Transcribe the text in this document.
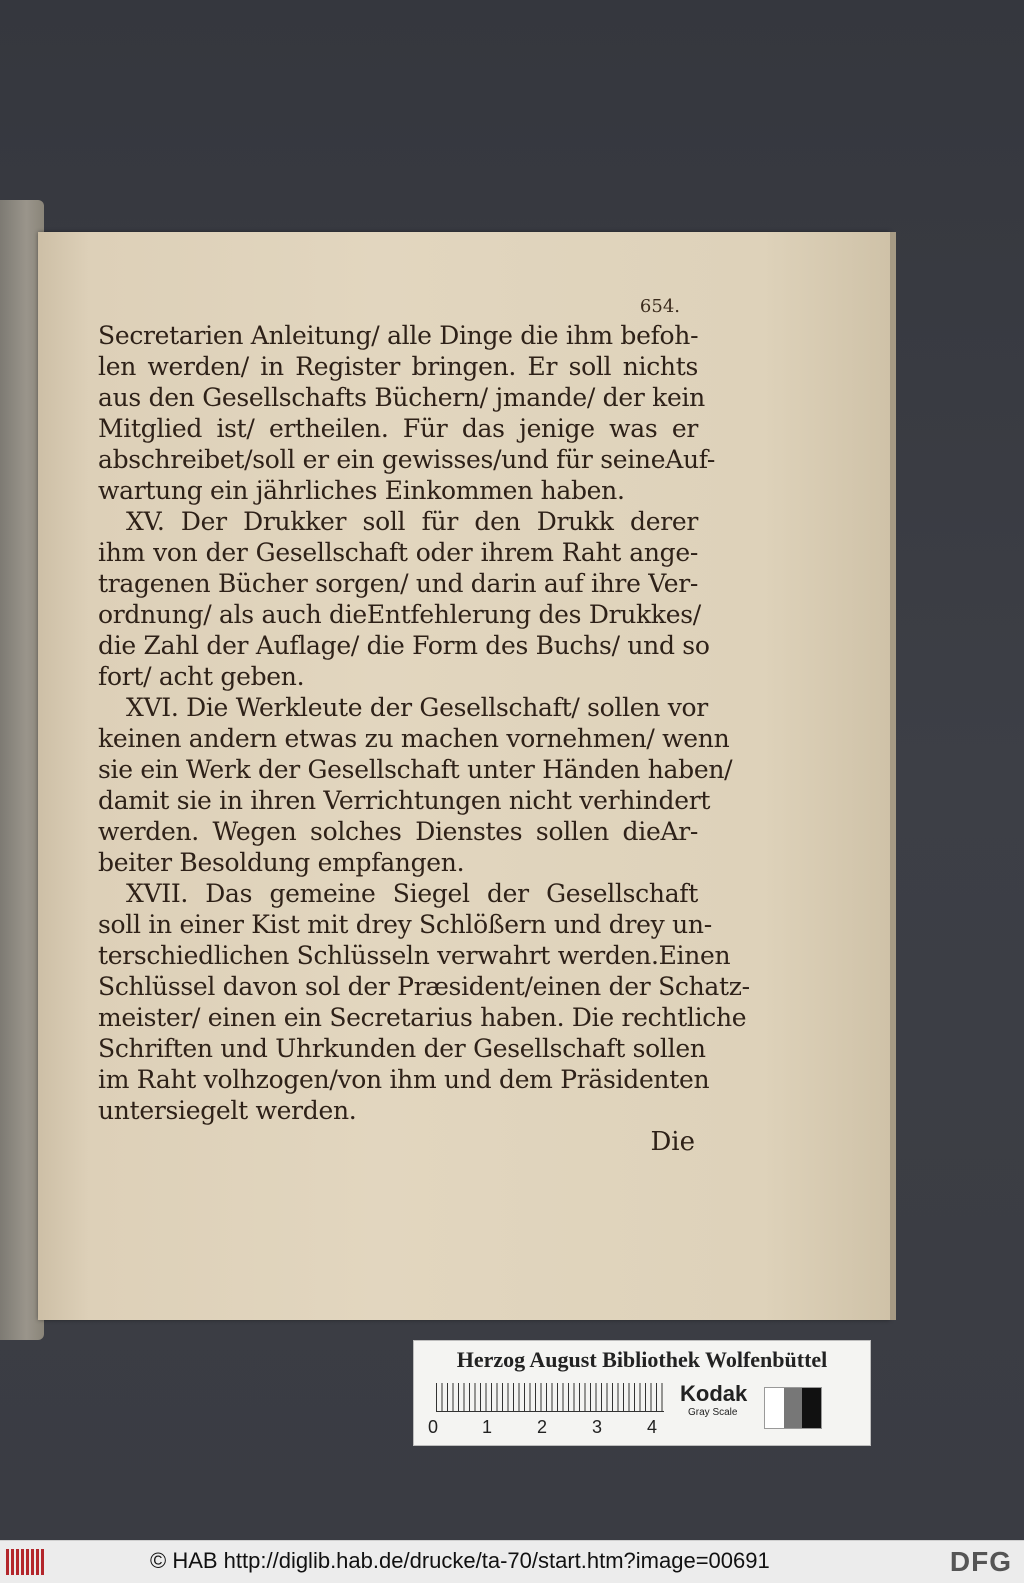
654.
Secretarien Anleitung/ alle Dinge die ihm befoh-
len werden/ in Register bringen. Er soll nichts
aus den Gesellschafts Büchern/ jmande/ der kein
Mitglied ist/ ertheilen. Für das jenige was er
abschreibet/soll er ein gewisses/und für seineAuf-
wartung ein jährliches Einkommen haben.
XV. Der Drukker soll für den Drukk derer
ihm von der Gesellschaft oder ihrem Raht ange-
tragenen Bücher sorgen/ und darin auf ihre Ver-
ordnung/ als auch dieEntfehlerung des Drukkes/
die Zahl der Auflage/ die Form des Buchs/ und so
fort/ acht geben.
XVI. Die Werkleute der Gesellschaft/ sollen vor
keinen andern etwas zu machen vornehmen/ wenn
sie ein Werk der Gesellschaft unter Händen haben/
damit sie in ihren Verrichtungen nicht verhindert
werden. Wegen solches Dienstes sollen dieAr-
beiter Besoldung empfangen.
XVII. Das gemeine Siegel der Gesellschaft
soll in einer Kist mit drey Schlößern und drey un-
terschiedlichen Schlüsseln verwahrt werden.Einen
Schlüssel davon sol der Præsident/einen der Schatz-
meister/ einen ein Secretarius haben. Die rechtliche
Schriften und Uhrkunden der Gesellschaft sollen
im Raht volhzogen/von ihm und dem Präsidenten
untersiegelt werden.
Die
Herzog August Bibliothek Wolfenbüttel
0 1 2 3 4
Kodak
Gray Scale
© HAB http://diglib.hab.de/drucke/ta-70/start.htm?image=00691	DFG
